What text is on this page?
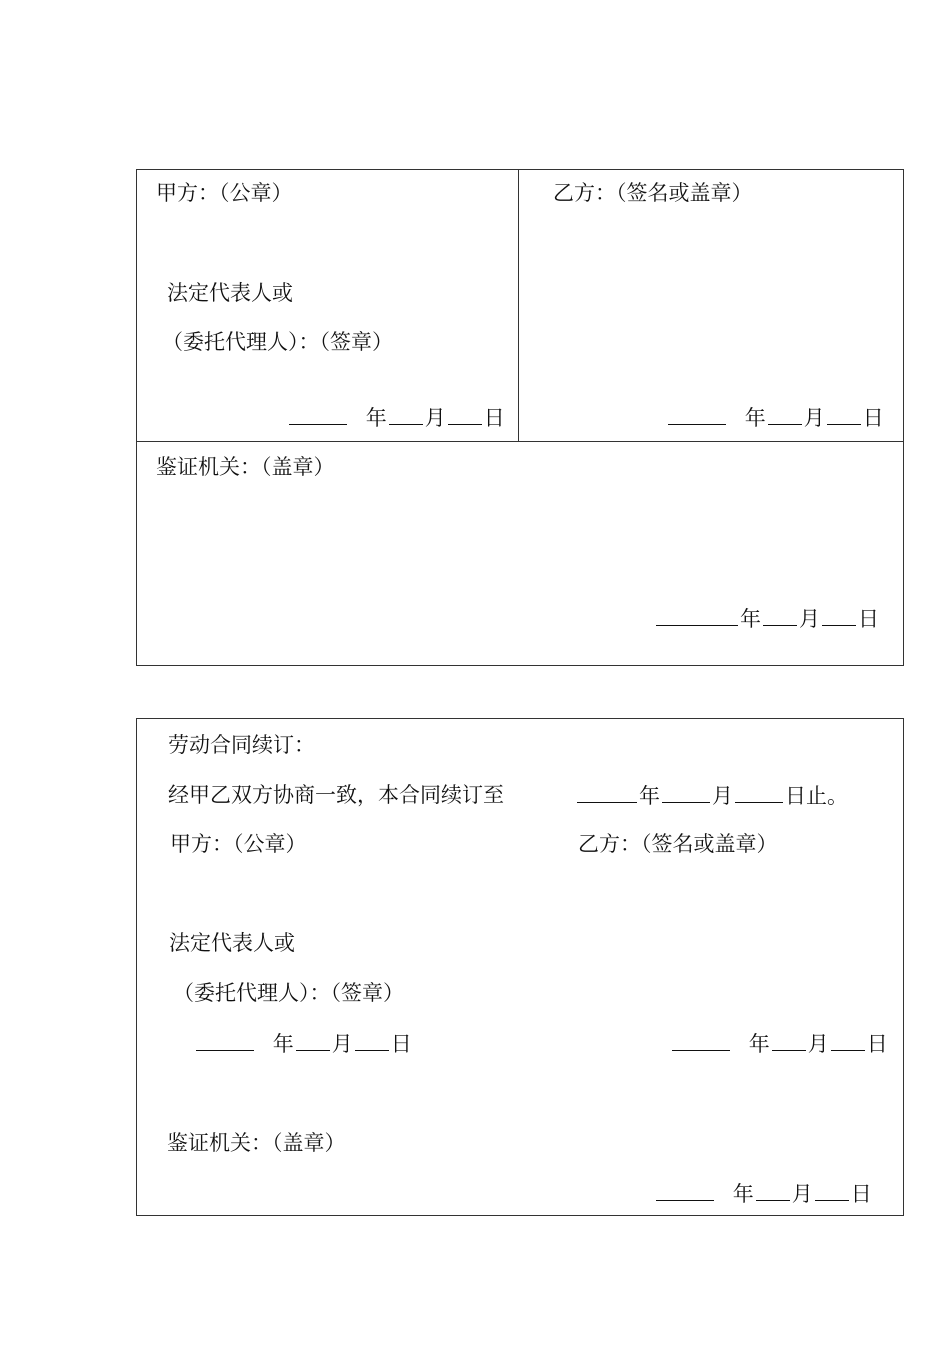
甲方：（公章）
法定代表人或
（委托代理人）：（签章）
年 月 日
乙方：（签名或盖章）
年 月 日
鉴证机关：（盖章）
年 月 日
劳动合同续订：
经甲乙双方协商一致，本合同续订至	年 月 日止。
甲方：（公章）	乙方：（签名或盖章）
法定代表人或
（委托代理人）：（签章）
年 月 日	年 月 日
鉴证机关：（盖章）
年 月 日
